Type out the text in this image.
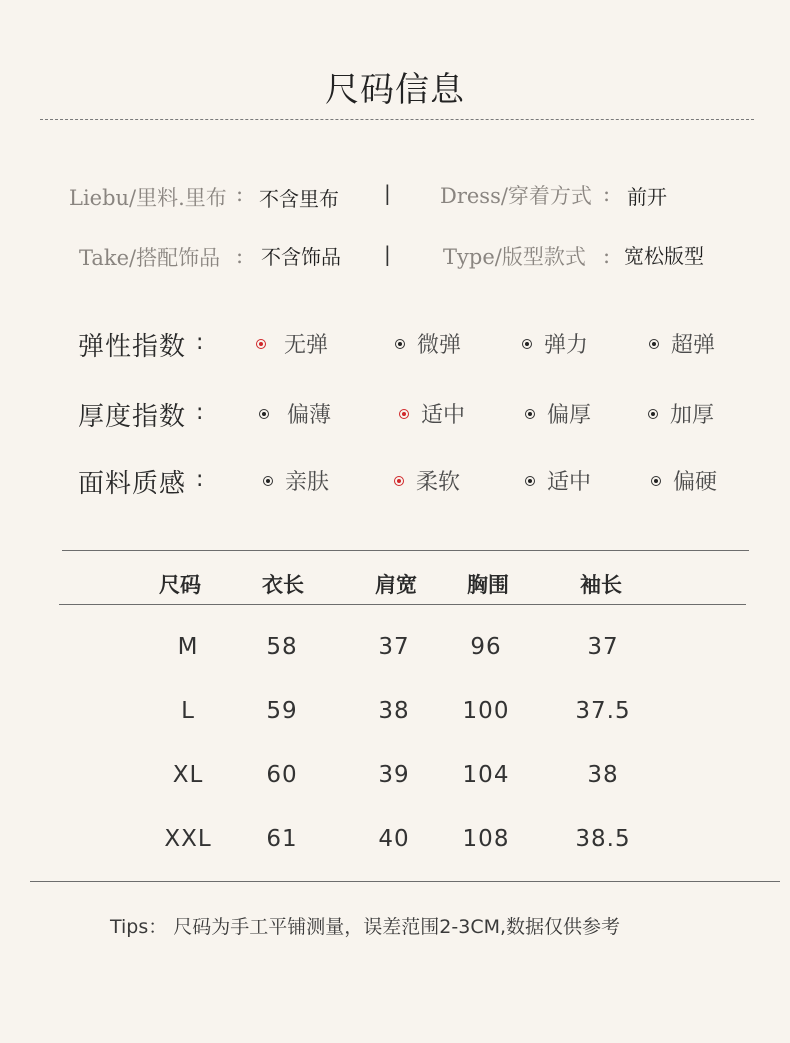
尺码信息
Liebu/里料.里布 : 不含里布 | Dress/穿着方式 : 前开
Take/搭配饰品 : 不含饰品 | Type/版型款式 : 宽松版型
弹性指数 :	无弹	微弹	弹力	超弹
厚度指数 :	偏薄	适中	偏厚	加厚
面料质感 :	亲肤	柔软	适中	偏硬
尺码	衣长	肩宽	胸围	袖长
M	58	37	96	37
L	59	38	100	37.5
XL	60	39	104	38
XXL	61	40	108	38.5
Tips： 尺码为手工平铺测量，误差范围2-3CM,数据仅供参考
